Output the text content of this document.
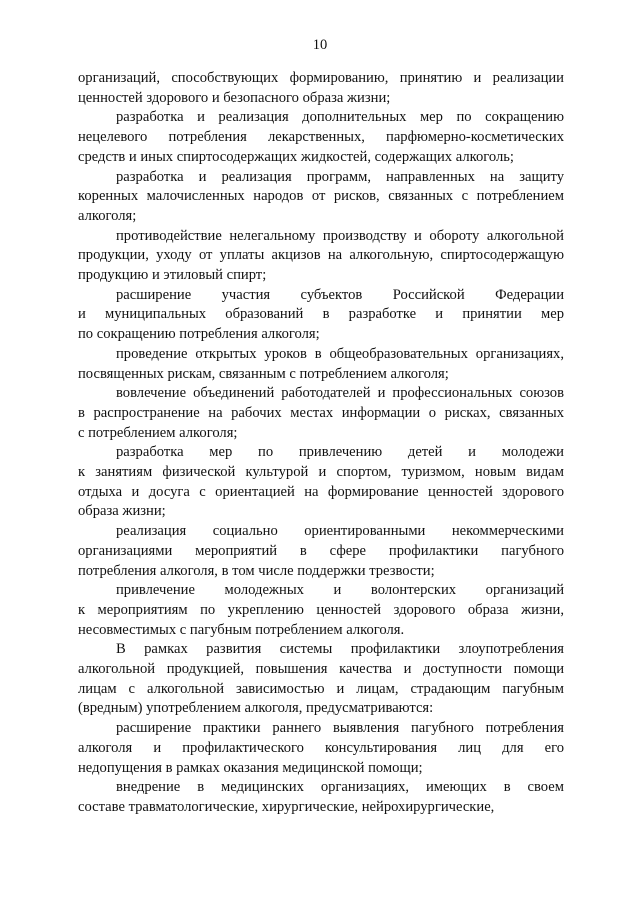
10
организаций, способствующих формированию, принятию и реализации
ценностей здорового и безопасного образа жизни;
разработка и реализация дополнительных мер по сокращению
нецелевого потребления лекарственных, парфюмерно-косметических
средств и иных спиртосодержащих жидкостей, содержащих алкоголь;
разработка и реализация программ, направленных на защиту
коренных малочисленных народов от рисков, связанных с потреблением
алкоголя;
противодействие нелегальному производству и обороту алкогольной
продукции, уходу от уплаты акцизов на алкогольную, спиртосодержащую
продукцию и этиловый спирт;
расширение участия субъектов Российской Федерации
и муниципальных образований в разработке и принятии мер
по сокращению потребления алкоголя;
проведение открытых уроков в общеобразовательных организациях,
посвященных рискам, связанным с потреблением алкоголя;
вовлечение объединений работодателей и профессиональных союзов
в распространение на рабочих местах информации о рисках, связанных
с потреблением алкоголя;
разработка мер по привлечению детей и молодежи
к занятиям физической культурой и спортом, туризмом, новым видам
отдыха и досуга с ориентацией на формирование ценностей здорового
образа жизни;
реализация социально ориентированными некоммерческими
организациями мероприятий в сфере профилактики пагубного
потребления алкоголя, в том числе поддержки трезвости;
привлечение молодежных и волонтерских организаций
к мероприятиям по укреплению ценностей здорового образа жизни,
несовместимых с пагубным потреблением алкоголя.
В рамках развития системы профилактики злоупотребления
алкогольной продукцией, повышения качества и доступности помощи
лицам с алкогольной зависимостью и лицам, страдающим пагубным
(вредным) употреблением алкоголя, предусматриваются:
расширение практики раннего выявления пагубного потребления
алкоголя и профилактического консультирования лиц для его
недопущения в рамках оказания медицинской помощи;
внедрение в медицинских организациях, имеющих в своем
составе травматологические, хирургические, нейрохирургические,
